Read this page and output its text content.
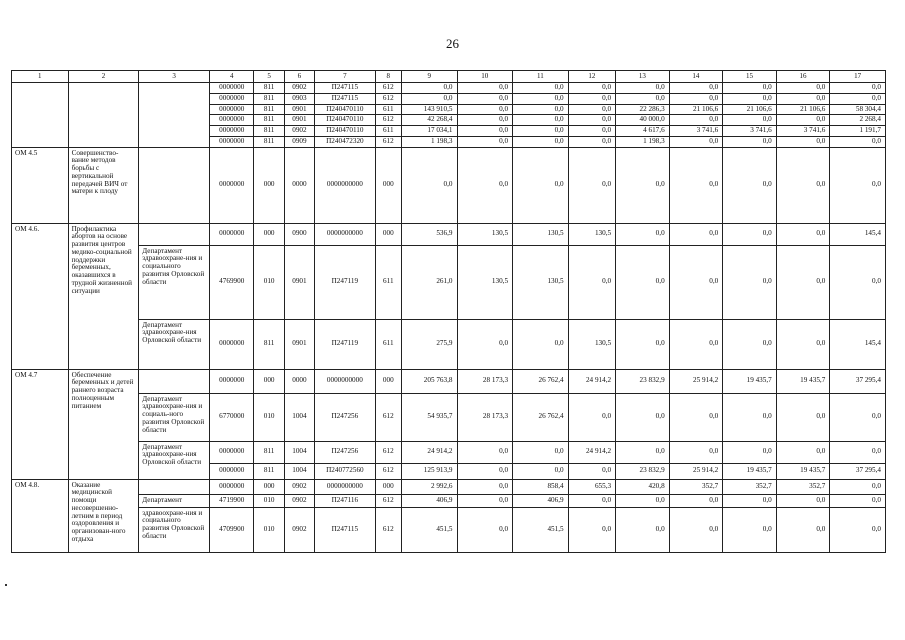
26
1	2	3	4	5	6	7	8	9	10	11	12	13	14	15	16	17
			0000000	811	0902	П247115	612	0,0	0,0	0,0	0,0	0,0	0,0	0,0	0,0	0,0
			0000000	811	0903	П247115	612	0,0	0,0	0,0	0,0	0,0	0,0	0,0	0,0	0,0
			0000000	811	0901	П240470110	611	143 910,5	0,0	0,0	0,0	22 286,3	21 106,6	21 106,6	21 106,6	58 304,4
			0000000	811	0901	П240470110	612	42 268,4	0,0	0,0	0,0	40 000,0	0,0	0,0	0,0	2 268,4
			0000000	811	0902	П240470110	611	17 034,1	0,0	0,0	0,0	4 617,6	3 741,6	3 741,6	3 741,6	1 191,7
			0000000	811	0909	П240472320	612	1 198,3	0,0	0,0	0,0	1 198,3	0,0	0,0	0,0	0,0
ОМ 4.5	Совершенство-вание методов борьбы с вертикальной передачей ВИЧ от матери к плоду		0000000	000	0000	0000000000	000	0,0	0,0	0,0	0,0	0,0	0,0	0,0	0,0	0,0
ОМ 4.6.	Профилактика абортов на основе развития центров медико-социальной поддержки беременных, оказавшихся в трудной жизненной ситуации		0000000	000	0900	0000000000	000	536,9	130,5	130,5	130,5	0,0	0,0	0,0	0,0	145,4
		Департамент здравоохране-ния и социального развития Орловской области	4769900	010	0901	П247119	611	261,0	130,5	130,5	0,0	0,0	0,0	0,0	0,0	0,0
		Департамент здравоохране-ния Орловской области	0000000	811	0901	П247119	611	275,9	0,0	0,0	130,5	0,0	0,0	0,0	0,0	145,4
ОМ 4.7	Обеспечение беременных и детей раннего возраста полноценным питанием		0000000	000	0000	0000000000	000	205 763,8	28 173,3	26 762,4	24 914,2	23 832,9	25 914,2	19 435,7	19 435,7	37 295,4
		Департамент здравоохране-ния и социаль-ного развития Орловской области	6770000	010	1004	П247256	612	54 935,7	28 173,3	26 762,4	0,0	0,0	0,0	0,0	0,0	0,0
		Департамент здравоохране-ния Орловской области	0000000	811	1004	П247256	612	24 914,2	0,0	0,0	24 914,2	0,0	0,0	0,0	0,0	0,0
			0000000	811	1004	П240772560	612	125 913,9	0,0	0,0	0,0	23 832,9	25 914,2	19 435,7	19 435,7	37 295,4
ОМ 4.8.	Оказание медицинской помощи несовершенно-летним в период оздоровления и организован-ного отдыха		0000000	000	0902	0000000000	000	2 992,6	0,0	858,4	655,3	420,8	352,7	352,7	352,7	0,0
		Департамент	4719900	010	0902	П247116	612	406,9	0,0	406,9	0,0	0,0	0,0	0,0	0,0	0,0
		здравоохране-ния и социального развития Орловской области	4709900	010	0902	П247115	612	451,5	0,0	451,5	0,0	0,0	0,0	0,0	0,0	0,0
